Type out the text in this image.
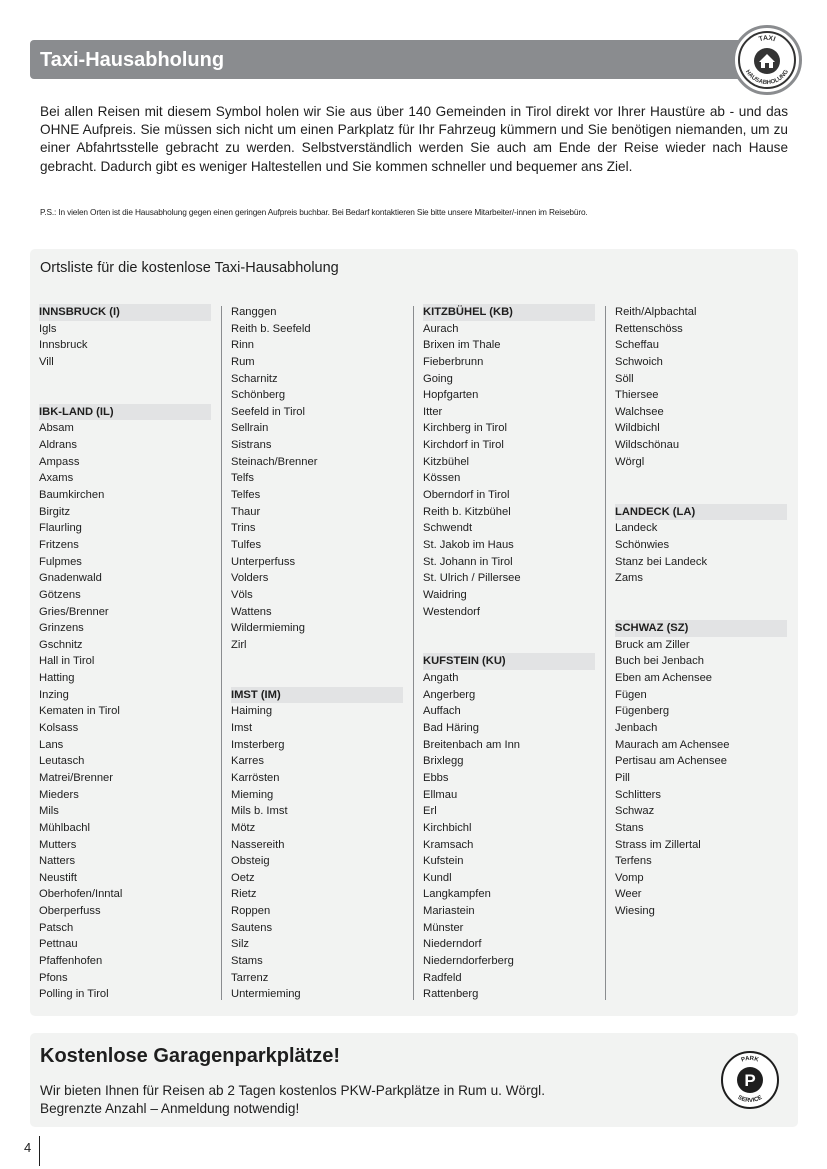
Taxi-Hausabholung
TAXI
HAUSABHOLUNG

Bei allen Reisen mit diesem Symbol holen wir Sie aus über 140 Gemeinden in Tirol direkt vor Ihrer Haustüre ab - und das OHNE Aufpreis. Sie müssen sich nicht um einen Parkplatz für Ihr Fahrzeug kümmern und Sie benötigen niemanden, um zu einer Abfahrtsstelle gebracht zu werden. Selbstverständlich werden Sie auch am Ende der Reise wieder nach Hause gebracht. Dadurch gibt es weniger Haltestellen und Sie kommen schneller und bequemer ans Ziel.

P.S.: In vielen Orten ist die Hausabholung gegen einen geringen Aufpreis buchbar. Bei Bedarf kontaktieren Sie bitte unsere Mitarbeiter/-innen im Reisebüro.

Ortsliste für die kostenlose Taxi-Hausabholung
INNSBRUCK (I)
Igls
Innsbruck
Vill
IBK-LAND (IL)
Absam
Aldrans
Ampass
Axams
Baumkirchen
Birgitz
Flaurling
Fritzens
Fulpmes
Gnadenwald
Götzens
Gries/Brenner
Grinzens
Gschnitz
Hall in Tirol
Hatting
Inzing
Kematen in Tirol
Kolsass
Lans
Leutasch
Matrei/Brenner
Mieders
Mils
Mühlbachl
Mutters
Natters
Neustift
Oberhofen/Inntal
Oberperfuss
Patsch
Pettnau
Pfaffenhofen
Pfons
Polling in Tirol
Ranggen
Reith b. Seefeld
Rinn
Rum
Scharnitz
Schönberg
Seefeld in Tirol
Sellrain
Sistrans
Steinach/Brenner
Telfs
Telfes
Thaur
Trins
Tulfes
Unterperfuss
Volders
Völs
Wattens
Wildermieming
Zirl
IMST (IM)
Haiming
Imst
Imsterberg
Karres
Karrösten
Mieming
Mils b. Imst
Mötz
Nassereith
Obsteig
Oetz
Rietz
Roppen
Sautens
Silz
Stams
Tarrenz
Untermieming
KITZBÜHEL (KB)
Aurach
Brixen im Thale
Fieberbrunn
Going
Hopfgarten
Itter
Kirchberg in Tirol
Kirchdorf in Tirol
Kitzbühel
Kössen
Oberndorf in Tirol
Reith b. Kitzbühel
Schwendt
St. Jakob im Haus
St. Johann in Tirol
St. Ulrich / Pillersee
Waidring
Westendorf
KUFSTEIN (KU)
Angath
Angerberg
Auffach
Bad Häring
Breitenbach am Inn
Brixlegg
Ebbs
Ellmau
Erl
Kirchbichl
Kramsach
Kufstein
Kundl
Langkampfen
Mariastein
Münster
Niederndorf
Niederndorferberg
Radfeld
Rattenberg
Reith/Alpbachtal
Rettenschöss
Scheffau
Schwoich
Söll
Thiersee
Walchsee
Wildbichl
Wildschönau
Wörgl
LANDECK (LA)
Landeck
Schönwies
Stanz bei Landeck
Zams
SCHWAZ (SZ)
Bruck am Ziller
Buch bei Jenbach
Eben am Achensee
Fügen
Fügenberg
Jenbach
Maurach am Achensee
Pertisau am Achensee
Pill
Schlitters
Schwaz
Stans
Strass im Zillertal
Terfens
Vomp
Weer
Wiesing
Kostenlose Garagenparkplätze!

Wir bieten Ihnen für Reisen ab 2 Tagen kostenlos PKW-Parkplätze in Rum u. Wörgl.
Begrenzte Anzahl – Anmeldung notwendig!

PARK
SERVICE
P
4
